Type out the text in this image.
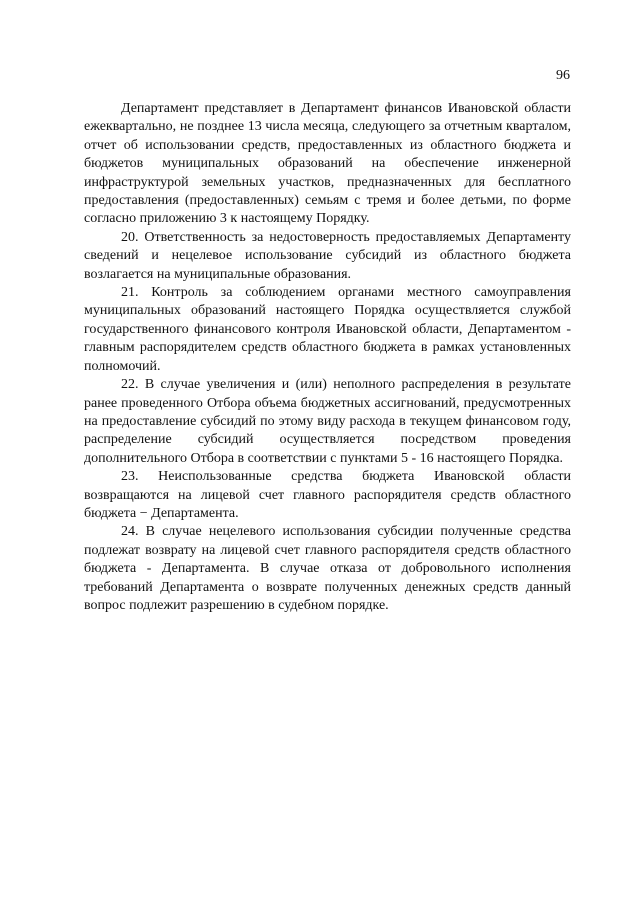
96

Департамент представляет в Департамент финансов Ивановской области ежеквартально, не позднее 13 числа месяца, следующего за отчетным кварталом, отчет об использовании средств, предоставленных из областного бюджета и бюджетов муниципальных образований на обеспечение инженерной инфраструктурой земельных участков, предназначенных для бесплатного предоставления (предоставленных) семьям с тремя и более детьми, по форме согласно приложению 3 к настоящему Порядку.

20. Ответственность за недостоверность предоставляемых Департаменту сведений и нецелевое использование субсидий из областного бюджета возлагается на муниципальные образования.

21. Контроль за соблюдением органами местного самоуправления муниципальных образований настоящего Порядка осуществляется службой государственного финансового контроля Ивановской области, Департаментом - главным распорядителем средств областного бюджета в рамках установленных полномочий.

22. В случае увеличения и (или) неполного распределения в результате ранее проведенного Отбора объема бюджетных ассигнований, предусмотренных на предоставление субсидий по этому виду расхода в текущем финансовом году, распределение субсидий осуществляется посредством проведения дополнительного Отбора в соответствии с пунктами 5 - 16 настоящего Порядка.

23. Неиспользованные средства бюджета Ивановской области возвращаются на лицевой счет главного распорядителя средств областного бюджета − Департамента.

24. В случае нецелевого использования субсидии полученные средства подлежат возврату на лицевой счет главного распорядителя средств областного бюджета - Департамента. В случае отказа от добровольного исполнения требований Департамента о возврате полученных денежных средств данный вопрос подлежит разрешению в судебном порядке.
